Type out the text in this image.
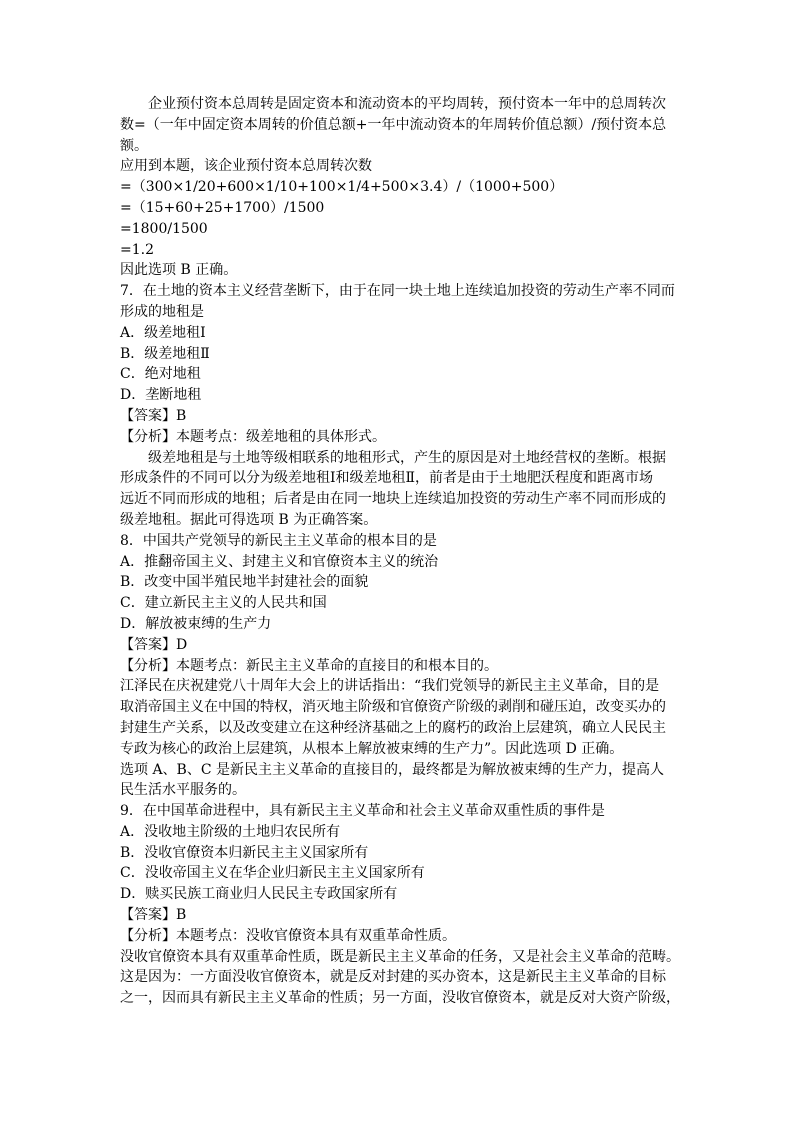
企业预付资本总周转是固定资本和流动资本的平均周转，预付资本一年中的总周转次
数=（一年中固定资本周转的价值总额+一年中流动资本的年周转价值总额）/预付资本总
额。
应用到本题，该企业预付资本总周转次数
=（300×1/20+600×1/10+100×1/4+500×3.4）/（1000+500）
=（15+60+25+1700）/1500
=1800/1500
=1.2
因此选项 B 正确。
7．在土地的资本主义经营垄断下，由于在同一块土地上连续追加投资的劳动生产率不同而
形成的地租是
A．级差地租Ⅰ
B．级差地租Ⅱ
C．绝对地租
D．垄断地租
【答案】B
【分析】本题考点：级差地租的具体形式。
级差地租是与土地等级相联系的地租形式，产生的原因是对土地经营权的垄断。根据
形成条件的不同可以分为级差地租Ⅰ和级差地租Ⅱ，前者是由于土地肥沃程度和距离市场
远近不同而形成的地租；后者是由在同一地块上连续追加投资的劳动生产率不同而形成的
级差地租。据此可得选项 B 为正确答案。
8．中国共产党领导的新民主主义革命的根本目的是
A．推翻帝国主义、封建主义和官僚资本主义的统治
B．改变中国半殖民地半封建社会的面貌
C．建立新民主主义的人民共和国
D．解放被束缚的生产力
【答案】D
【分析】本题考点：新民主主义革命的直接目的和根本目的。
江泽民在庆祝建党八十周年大会上的讲话指出：“我们党领导的新民主主义革命，目的是
取消帝国主义在中国的特权，消灭地主阶级和官僚资产阶级的剥削和碰压迫，改变买办的
封建生产关系，以及改变建立在这种经济基础之上的腐朽的政治上层建筑，确立人民民主
专政为核心的政治上层建筑，从根本上解放被束缚的生产力”。因此选项 D 正确。
选项 A、B、C 是新民主主义革命的直接目的，最终都是为解放被束缚的生产力，提高人
民生活水平服务的。
9．在中国革命进程中，具有新民主主义革命和社会主义革命双重性质的事件是
A．没收地主阶级的土地归农民所有
B．没收官僚资本归新民主主义国家所有
C．没收帝国主义在华企业归新民主主义国家所有
D．赎买民族工商业归人民民主专政国家所有
【答案】B
【分析】本题考点：没收官僚资本具有双重革命性质。
没收官僚资本具有双重革命性质，既是新民主主义革命的任务，又是社会主义革命的范畴。
这是因为：一方面没收官僚资本，就是反对封建的买办资本，这是新民主主义革命的目标
之一，因而具有新民主主义革命的性质；另一方面，没收官僚资本，就是反对大资产阶级，
